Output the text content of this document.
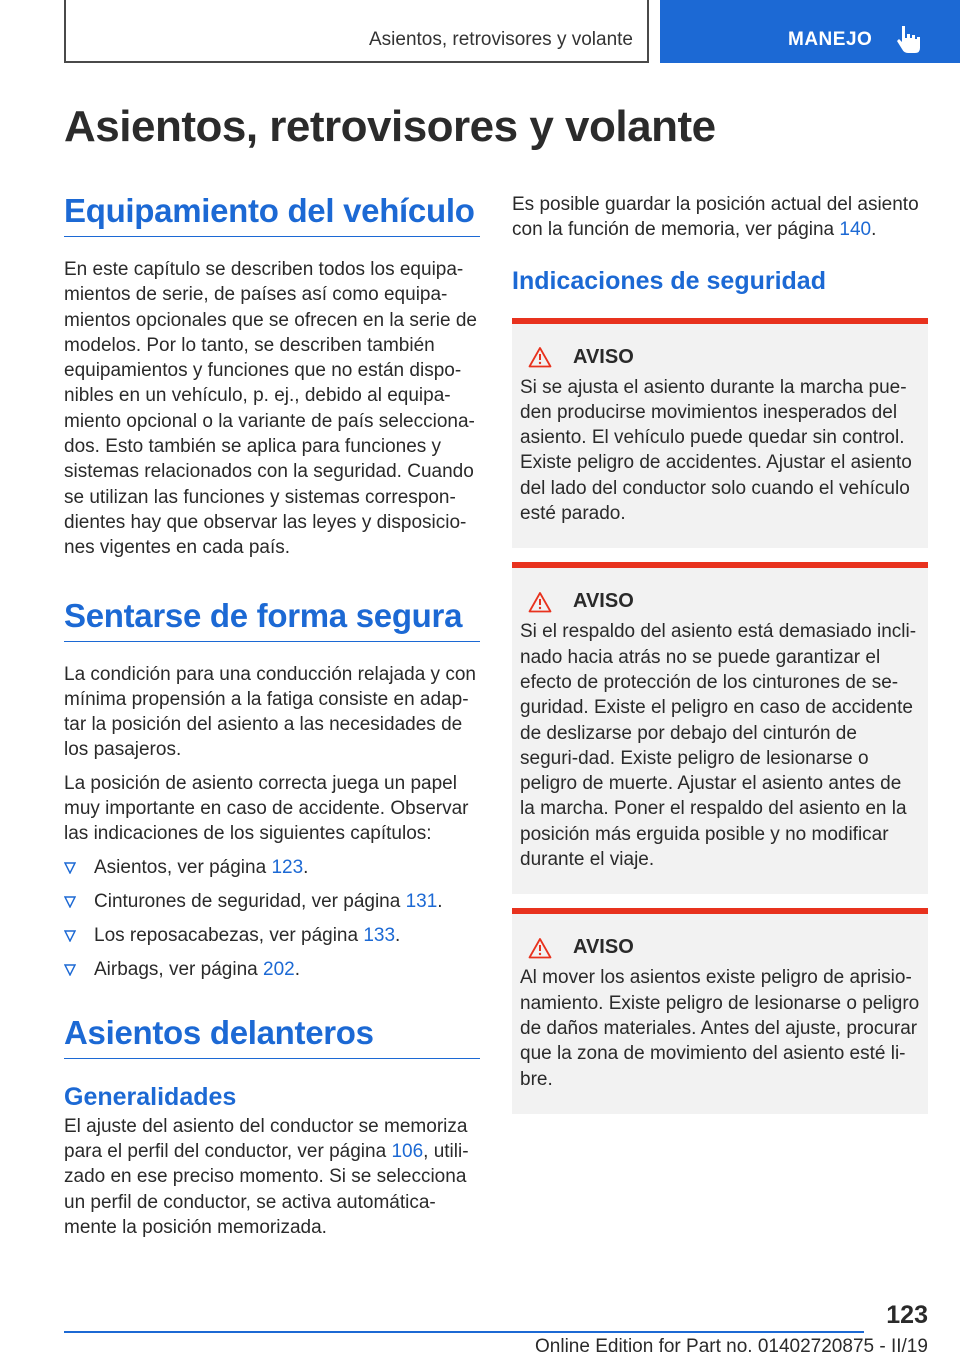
Asientos, retrovisores y volante	MANEJO
Asientos, retrovisores y volante
Equipamiento del vehículo

En este capítulo se describen todos los equipa-mientos de serie, de países así como equipa-mientos opcionales que se ofrecen en la serie de modelos. Por lo tanto, se describen también equipamientos y funciones que no están dispo-nibles en un vehículo, p. ej., debido al equipa-miento opcional o la variante de país selecciona-dos. Esto también se aplica para funciones y sistemas relacionados con la seguridad. Cuando se utilizan las funciones y sistemas correspon-dientes hay que observar las leyes y disposicio-nes vigentes en cada país.

Sentarse de forma segura

La condición para una conducción relajada y con mínima propensión a la fatiga consiste en adap-tar la posición del asiento a las necesidades de los pasajeros.

La posición de asiento correcta juega un papel muy importante en caso de accidente. Observar las indicaciones de los siguientes capítulos:

Asientos, ver página 123.
Cinturones de seguridad, ver página 131.
Los reposacabezas, ver página 133.
Airbags, ver página 202.
Asientos delanteros
Generalidades

El ajuste del asiento del conductor se memoriza para el perfil del conductor, ver página 106, utili-zado en ese preciso momento. Si se selecciona un perfil de conductor, se activa automática-mente la posición memorizada.

Es posible guardar la posición actual del asiento con la función de memoria, ver página 140.

Indicaciones de seguridad
AVISO

Si se ajusta el asiento durante la marcha pue-den producirse movimientos inesperados del asiento. El vehículo puede quedar sin control. Existe peligro de accidentes. Ajustar el asiento del lado del conductor solo cuando el vehículo esté parado.

AVISO

Si el respaldo del asiento está demasiado incli-nado hacia atrás no se puede garantizar el efecto de protección de los cinturones de se-guridad. Existe el peligro en caso de accidente de deslizarse por debajo del cinturón de seguri-dad. Existe peligro de lesionarse o peligro de muerte. Ajustar el asiento antes de la marcha. Poner el respaldo del asiento en la posición más erguida posible y no modificar durante el viaje.

AVISO

Al mover los asientos existe peligro de aprisio-namiento. Existe peligro de lesionarse o peligro de daños materiales. Antes del ajuste, procurar que la zona de movimiento del asiento esté li-bre.

123
Online Edition for Part no. 01402720875 - II/19
